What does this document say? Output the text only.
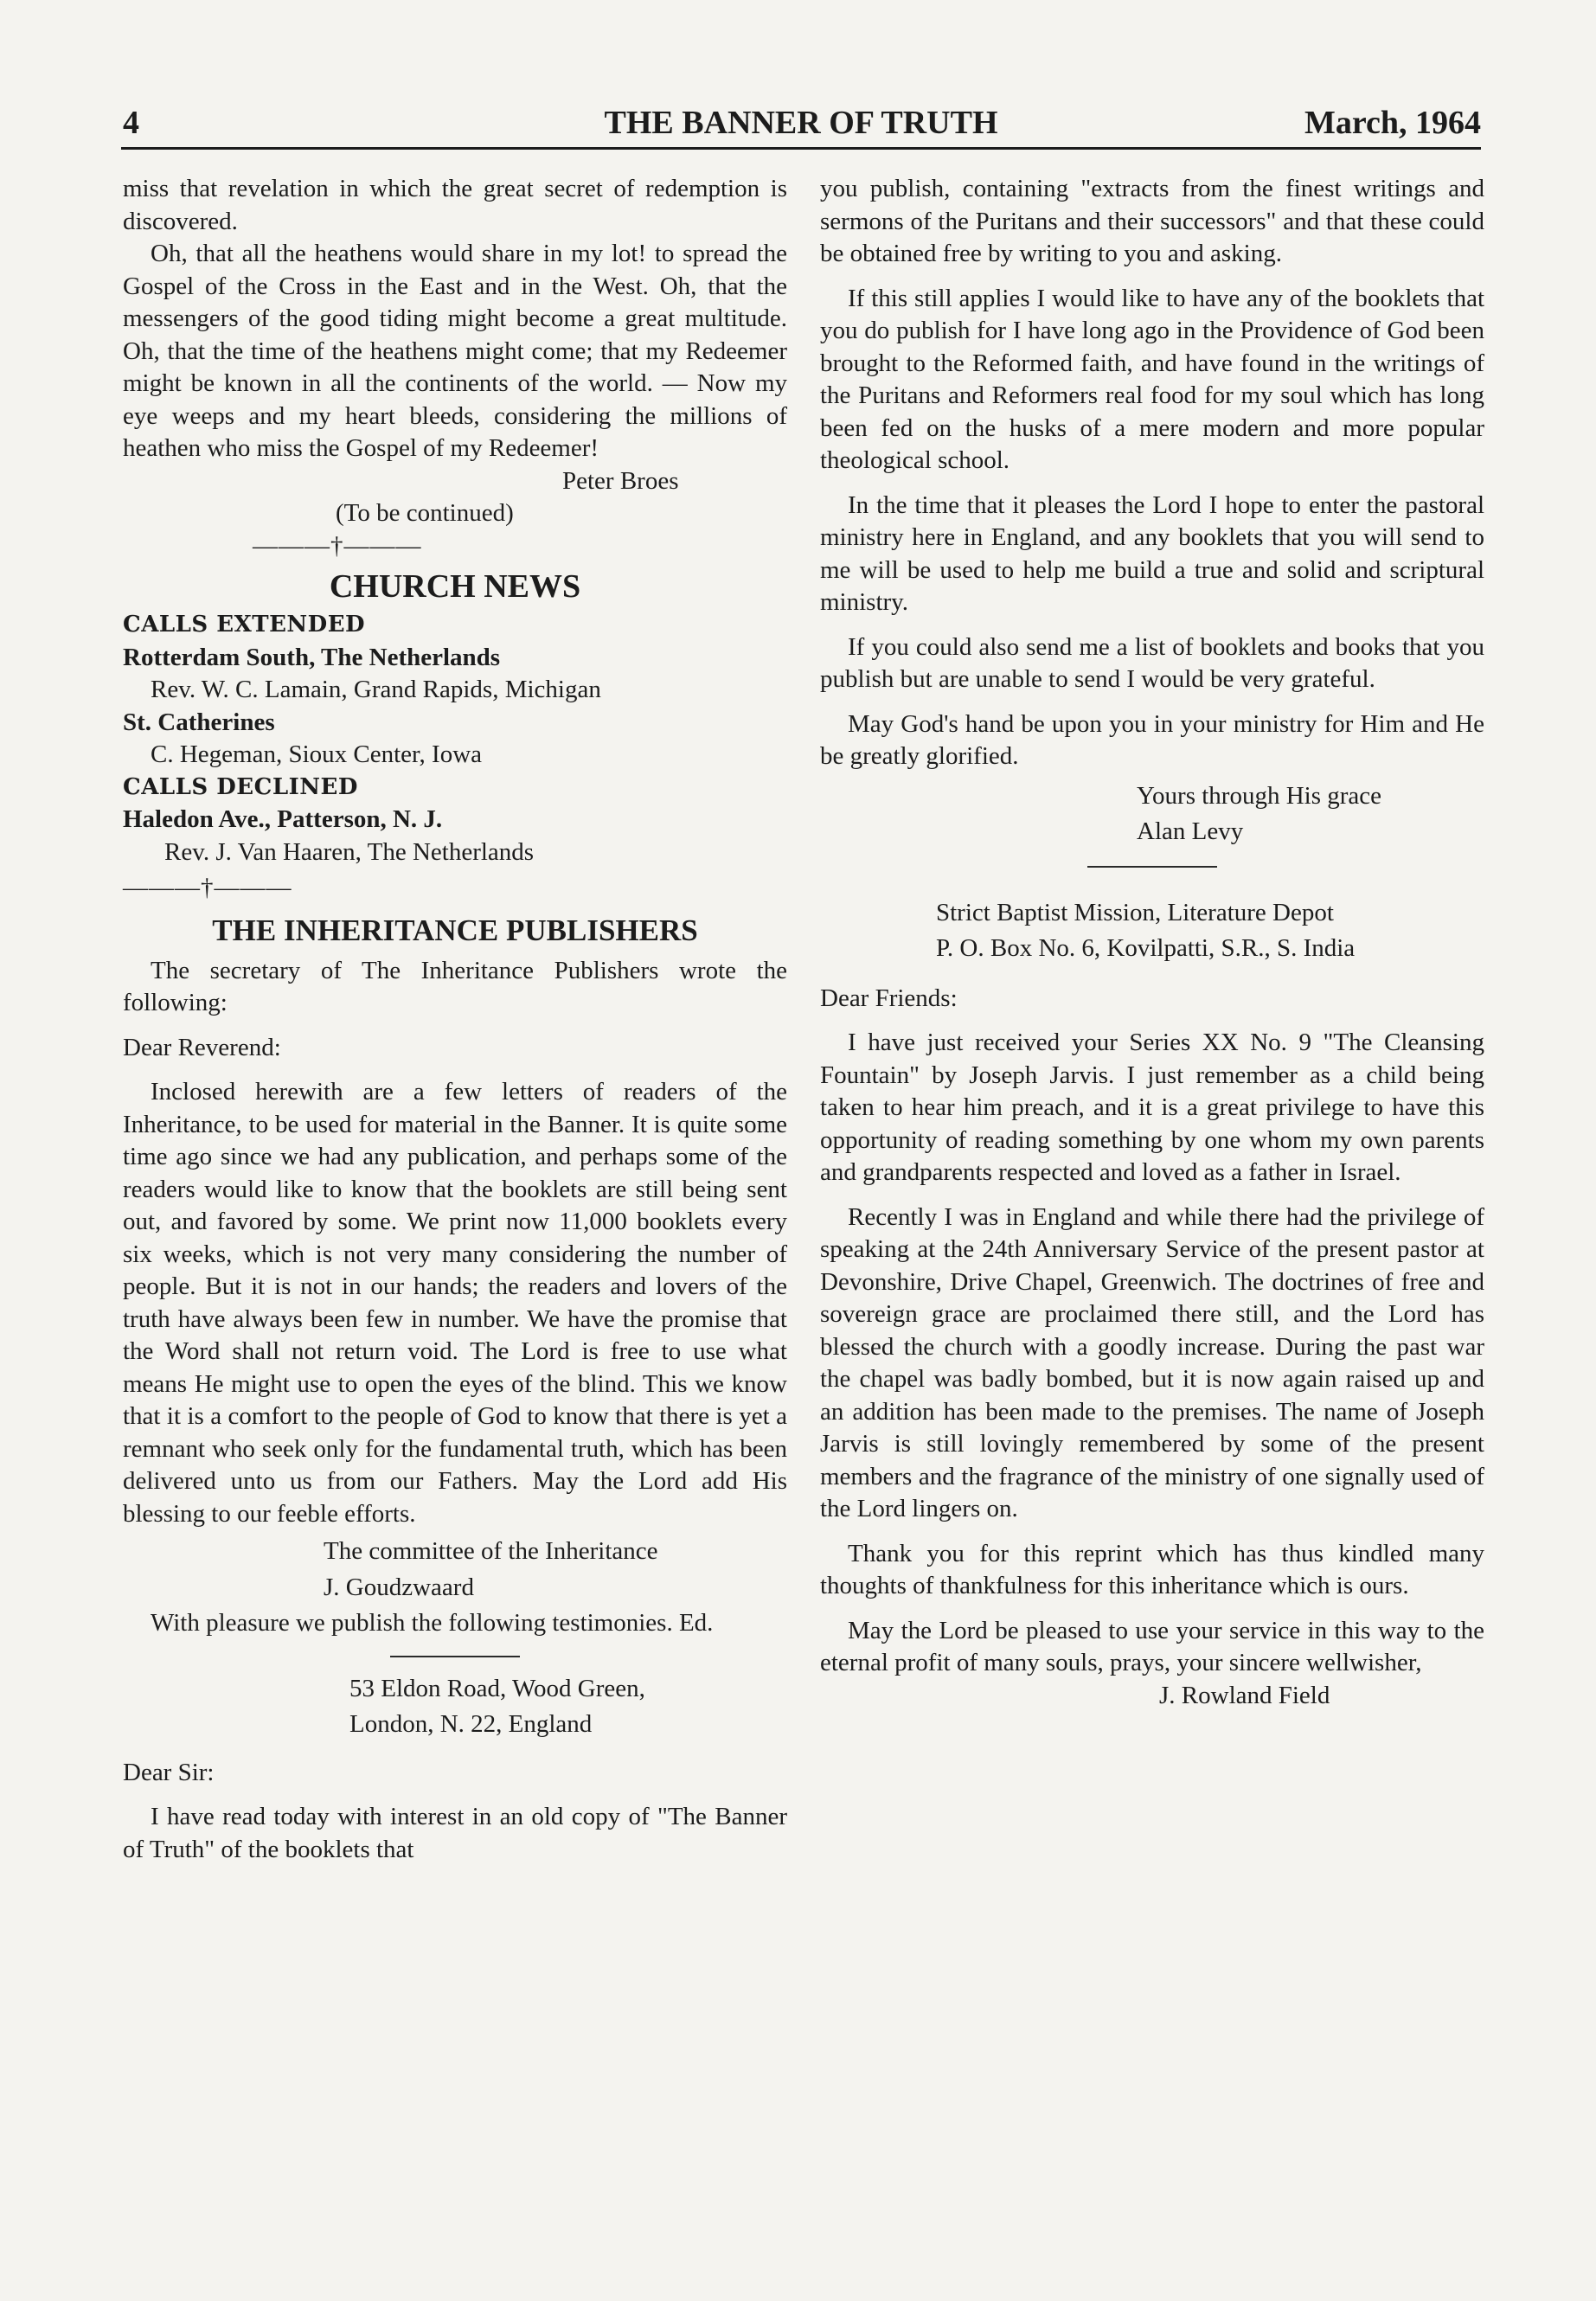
4	THE BANNER OF TRUTH	March, 1964

miss that revelation in which the great secret of redemption is discovered.

Oh, that all the heathens would share in my lot! to spread the Gospel of the Cross in the East and in the West. Oh, that the messengers of the good tiding might become a great multitude. Oh, that the time of the heathens might come; that my Redeemer might be known in all the continents of the world. — Now my eye weeps and my heart bleeds, considering the millions of heathen who miss the Gospel of my Redeemer!

Peter Broes

(To be continued)

———†———

CHURCH NEWS

CALLS EXTENDED

Rotterdam South, The Netherlands

Rev. W. C. Lamain, Grand Rapids, Michigan

St. Catherines

C. Hegeman, Sioux Center, Iowa

CALLS DECLINED

Haledon Ave., Patterson, N. J.

Rev. J. Van Haaren, The Netherlands

———†———

THE INHERITANCE PUBLISHERS

The secretary of The Inheritance Publishers wrote the following:

Dear Reverend:

Inclosed herewith are a few letters of readers of the Inheritance, to be used for material in the Banner. It is quite some time ago since we had any publication, and perhaps some of the readers would like to know that the booklets are still being sent out, and favored by some. We print now 11,000 booklets every six weeks, which is not very many considering the number of people. But it is not in our hands; the readers and lovers of the truth have always been few in number. We have the promise that the Word shall not return void. The Lord is free to use what means He might use to open the eyes of the blind. This we know that it is a comfort to the people of God to know that there is yet a remnant who seek only for the fundamental truth, which has been delivered unto us from our Fathers. May the Lord add His blessing to our feeble efforts.

The committee of the Inheritance

J. Goudzwaard

With pleasure we publish the following testimonies. Ed.

53 Eldon Road, Wood Green,

London, N. 22, England

Dear Sir:

I have read today with interest in an old copy of "The Banner of Truth" of the booklets that

you publish, containing "extracts from the finest writings and sermons of the Puritans and their successors" and that these could be obtained free by writing to you and asking.

If this still applies I would like to have any of the booklets that you do publish for I have long ago in the Providence of God been brought to the Reformed faith, and have found in the writings of the Puritans and Reformers real food for my soul which has long been fed on the husks of a mere modern and more popular theological school.

In the time that it pleases the Lord I hope to enter the pastoral ministry here in England, and any booklets that you will send to me will be used to help me build a true and solid and scriptural ministry.

If you could also send me a list of booklets and books that you publish but are unable to send I would be very grateful.

May God's hand be upon you in your ministry for Him and He be greatly glorified.

Yours through His grace

Alan Levy

Strict Baptist Mission, Literature Depot

P. O. Box No. 6, Kovilpatti, S.R., S. India

Dear Friends:

I have just received your Series XX No. 9 "The Cleansing Fountain" by Joseph Jarvis. I just remember as a child being taken to hear him preach, and it is a great privilege to have this opportunity of reading something by one whom my own parents and grandparents respected and loved as a father in Israel.

Recently I was in England and while there had the privilege of speaking at the 24th Anniversary Service of the present pastor at Devonshire, Drive Chapel, Greenwich. The doctrines of free and sovereign grace are proclaimed there still, and the Lord has blessed the church with a goodly increase. During the past war the chapel was badly bombed, but it is now again raised up and an addition has been made to the premises. The name of Joseph Jarvis is still lovingly remembered by some of the present members and the fragrance of the ministry of one signally used of the Lord lingers on.

Thank you for this reprint which has thus kindled many thoughts of thankfulness for this inheritance which is ours.

May the Lord be pleased to use your service in this way to the eternal profit of many souls, prays, your sincere wellwisher,

J. Rowland Field
